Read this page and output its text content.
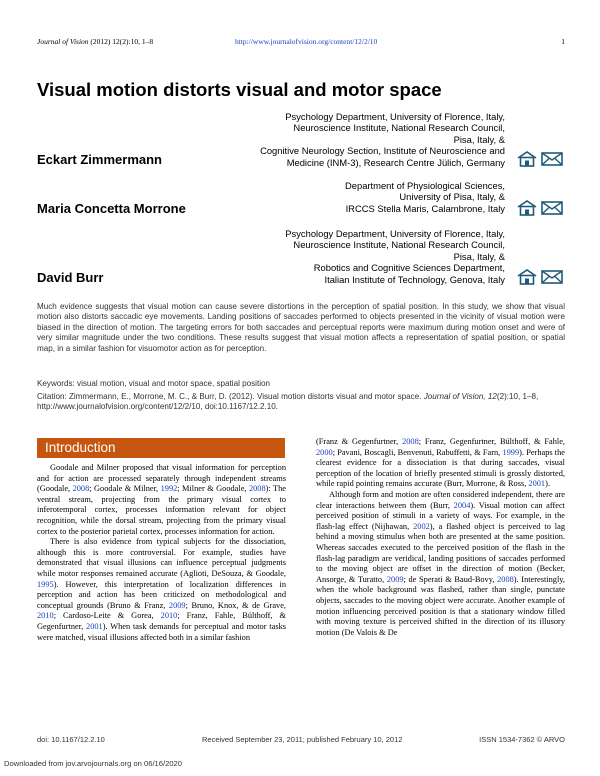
Journal of Vision (2012) 12(2):10, 1–8	http://www.journalofvision.org/content/12/2/10	1
Visual motion distorts visual and motor space
Psychology Department, University of Florence, Italy,
Neuroscience Institute, National Research Council,
Pisa, Italy, &
Cognitive Neurology Section, Institute of Neuroscience and
Medicine (INM-3), Research Centre Jülich, Germany
Eckart Zimmermann
Department of Physiological Sciences,
University of Pisa, Italy, &
IRCCS Stella Maris, Calambrone, Italy
Maria Concetta Morrone
Psychology Department, University of Florence, Italy,
Neuroscience Institute, National Research Council,
Pisa, Italy, &
Robotics and Cognitive Sciences Department,
Italian Institute of Technology, Genova, Italy
David Burr
Much evidence suggests that visual motion can cause severe distortions in the perception of spatial position. In this study, we show that visual motion also distorts saccadic eye movements. Landing positions of saccades performed to objects presented in the vicinity of visual motion were biased in the direction of motion. The targeting errors for both saccades and perceptual reports were maximum during motion onset and were of very similar magnitude under the two conditions. These results suggest that visual motion affects a representation of spatial position, or spatial map, in a similar fashion for visuomotor action as for perception.
Keywords: visual motion, visual and motor space, spatial position
Citation: Zimmermann, E., Morrone, M. C., & Burr, D. (2012). Visual motion distorts visual and motor space. Journal of Vision, 12(2):10, 1–8, http://www.journalofvision.org/content/12/2/10, doi:10.1167/12.2.10.
Introduction

Goodale and Milner proposed that visual information for perception and for action are processed separately through independent streams (Goodale, 2008; Goodale & Milner, 1992; Milner & Goodale, 2008): The ventral stream, projecting from the primary visual cortex to inferotemporal cortex, processes information relevant for object recognition, while the dorsal stream, projecting from the primary visual cortex to the posterior parietal cortex, processes information for action.

There is also evidence from typical subjects for the dissociation, although this is more controversial. For example, studies have demonstrated that visual illusions can influence perceptual judgments while motor responses remained accurate (Aglioti, DeSouza, & Goodale, 1995). However, this interpretation of localization differences in perception and action has been criticized on methodological and conceptual grounds (Bruno & Franz, 2009; Bruno, Knox, & de Grave, 2010; Cardoso-Leite & Gorea, 2010; Franz, Fahle, Bülthoff, & Gegenfurtner, 2001). When task demands for perceptual and motor tasks were matched, visual illusions affected both in a similar fashion

(Franz & Gegenfurtner, 2008; Franz, Gegenfurtner, Bülthoff, & Fahle, 2000; Pavani, Boscagli, Benvenuti, Rabuffetti, & Farn, 1999). Perhaps the clearest evidence for a dissociation is that during saccades, visual perception of the location of briefly presented stimuli is grossly distorted, while rapid pointing remains accurate (Burr, Morrone, & Ross, 2001).

Although form and motion are often considered independent, there are clear interactions between them (Burr, 2004). Visual motion can affect perceived position of stimuli in a variety of ways. For example, in the flash-lag effect (Nijhawan, 2002), a flashed object is perceived to lag behind a moving stimulus when both are presented at the same position. Whereas saccades executed to the perceived position of the flash in the flash-lag paradigm are veridical, landing positions of saccades performed to the moving object are offset in the direction of motion (Becker, Ansorge, & Turatto, 2009; de Sperati & Baud-Bovy, 2008). Interestingly, when the whole background was flashed, rather than single, punctate objects, saccades to the moving object were accurate. Another example of motion influencing perceived position is that a stationary window filled with moving texture is perceived shifted in the direction of its illusory motion (De Valois & De

doi: 10.1167/12.2.10	Received September 23, 2011; published February 10, 2012	ISSN 1534-7362 © ARVO
Downloaded from jov.arvojournals.org on 06/16/2020
